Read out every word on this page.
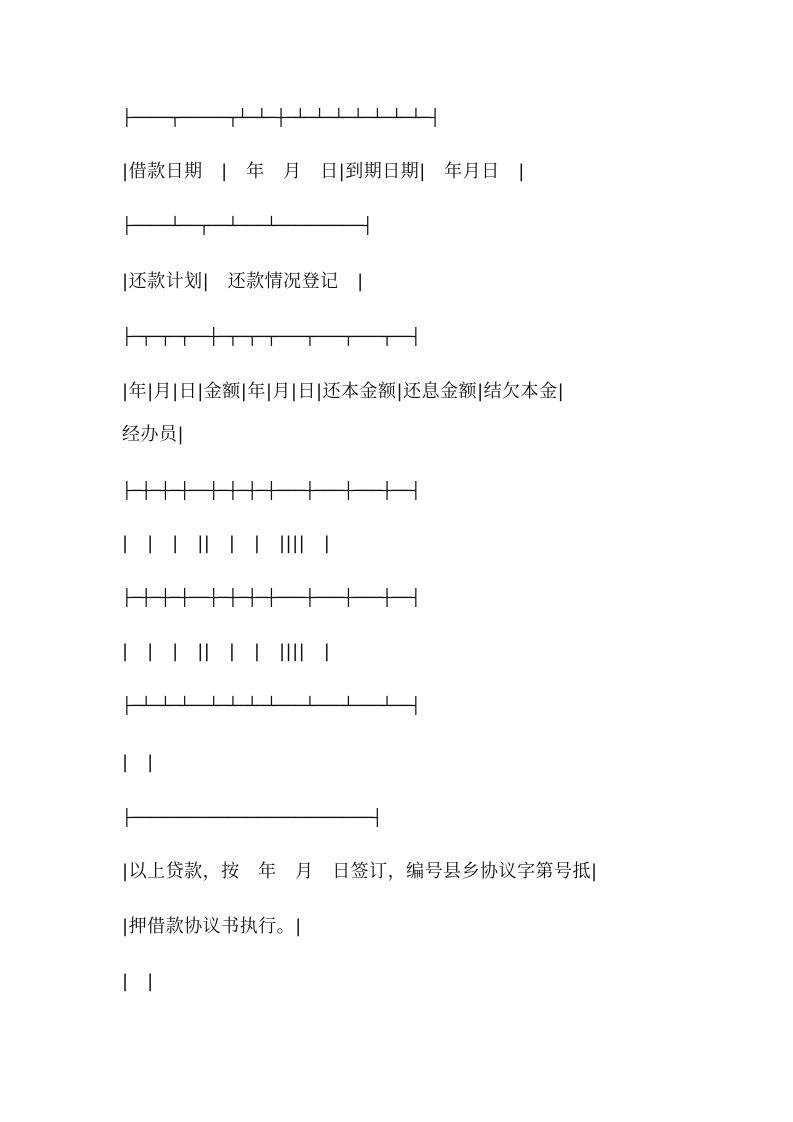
├────┬─────┬┴─┴─┼─┴─┴─┴─┴─┴─┴─┴─┤
|借款日期　|　年　月　日|到期日期|　年月日　|
├────┴──┬──┴───┴─────────┤
|还款计划|　还款情况登记　|
├─┬─┬─┬──┼─┬─┬─┬───┬───┬───┬──┤
|年|月|日|金额|年|月|日|还本金额|还息金额|结欠本金|
经办员|
├─┼─┼─┼──┼─┼─┼─┼───┼───┼───┼──┤
|　|　|　||　|　|　||||　|
├─┼─┼─┼──┼─┼─┼─┼───┼───┼───┼──┤
|　|　|　||　|　|　||||　|
├─┴─┴─┴──┴─┴─┴─┴───┴───┴───┴──┤
|　|
├─────────────────────────┤
|以上贷款，按　年　月　日签订，编号县乡协议字第号抵|
|押借款协议书执行。|
|　|
